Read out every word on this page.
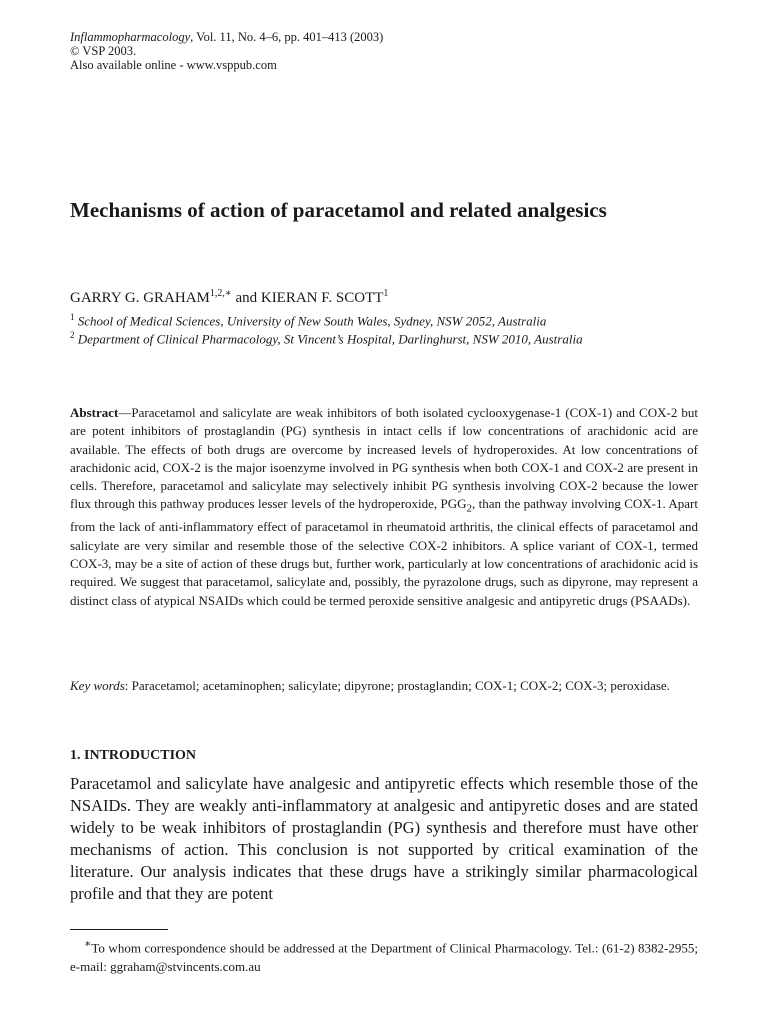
Inflammopharmacology, Vol. 11, No. 4–6, pp. 401–413 (2003)
© VSP 2003.
Also available online - www.vsppub.com
Mechanisms of action of paracetamol and related analgesics
GARRY G. $GRAHAM^{1,2,∗}$ and KIERAN F. SCOTT$^1$
$^1$ School of Medical Sciences, University of New South Wales, Sydney, NSW 2052, Australia
$^2$ Department of Clinical Pharmacology, St Vincent’s Hospital, Darlinghurst, NSW 2010, Australia
Abstract—Paracetamol and salicylate are weak inhibitors of both isolated cyclooxygenase-1 (COX-1) and COX-2 but are potent inhibitors of prostaglandin (PG) synthesis in intact cells if low concentrations of arachidonic acid are available. The effects of both drugs are overcome by increased levels of hydroperoxides. At low concentrations of arachidonic acid, COX-2 is the major isoenzyme involved in PG synthesis when both COX-1 and COX-2 are present in cells. Therefore, paracetamol and salicylate may selectively inhibit PG synthesis involving COX-2 because the lower flux through this pathway produces lesser levels of the hydroperoxide, $PGG_2$, than the pathway involving COX-1. Apart from the lack of anti-inflammatory effect of paracetamol in rheumatoid arthritis, the clinical effects of paracetamol and salicylate are very similar and resemble those of the selective COX-2 inhibitors. A splice variant of COX-1, termed COX-3, may be a site of action of these drugs but, further work, particularly at low concentrations of arachidonic acid is required. We suggest that paracetamol, salicylate and, possibly, the pyrazolone drugs, such as dipyrone, may represent a distinct class of atypical NSAIDs which could be termed peroxide sensitive analgesic and antipyretic drugs (PSAADs).
Key words: Paracetamol; acetaminophen; salicylate; dipyrone; prostaglandin; COX-1; COX-2; COX-3; peroxidase.
1. INTRODUCTION
Paracetamol and salicylate have analgesic and antipyretic effects which resemble those of the NSAIDs. They are weakly anti-inflammatory at analgesic and antipyretic doses and are stated widely to be weak inhibitors of prostaglandin (PG) synthesis and therefore must have other mechanisms of action. This conclusion is not supported by critical examination of the literature. Our analysis indicates that these drugs have a strikingly similar pharmacological profile and that they are potent
∗To whom correspondence should be addressed at the Department of Clinical Pharmacology. Tel.: (61-2) 8382-2955; e-mail: ggraham@stvincents.com.au
